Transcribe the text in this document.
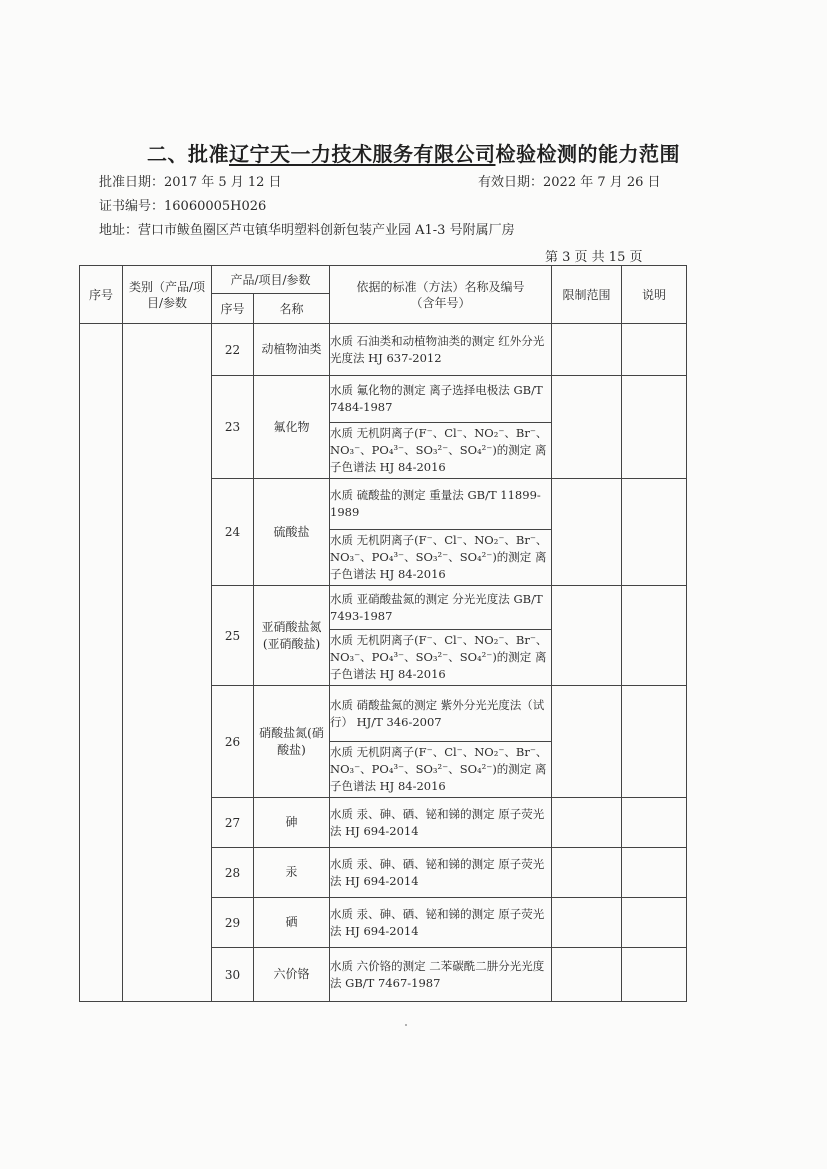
二、批准辽宁天一力技术服务有限公司检验检测的能力范围
批准日期：2017 年 5 月 12 日	有效日期：2022 年 7 月 26 日
证书编号：16060005H026
地址：营口市鲅鱼圈区芦屯镇华明塑料创新包装产业园 A1-3 号附属厂房
第 3 页 共 15 页
序号	类别（产品/项目/参数	产品/项目/参数		依据的标准（方法）名称及编号（含年号）	限制范围	说明
		序号	名称			
		22	动植物油类	水质 石油类和动植物油类的测定 红外分光光度法 HJ 637-2012		
		23	氟化物	水质 氟化物的测定 离子选择电极法 GB/T 7484-1987		
				水质 无机阴离子(F⁻、Cl⁻、NO₂⁻、Br⁻、NO₃⁻、PO₄³⁻、SO₃²⁻、SO₄²⁻)的测定 离子色谱法 HJ 84-2016		
		24	硫酸盐	水质 硫酸盐的测定 重量法 GB/T 11899-1989		
				水质 无机阴离子(F⁻、Cl⁻、NO₂⁻、Br⁻、NO₃⁻、PO₄³⁻、SO₃²⁻、SO₄²⁻)的测定 离子色谱法 HJ 84-2016		
		25	亚硝酸盐氮(亚硝酸盐)	水质 亚硝酸盐氮的测定 分光光度法 GB/T 7493-1987		
				水质 无机阴离子(F⁻、Cl⁻、NO₂⁻、Br⁻、NO₃⁻、PO₄³⁻、SO₃²⁻、SO₄²⁻)的测定 离子色谱法 HJ 84-2016		
		26	硝酸盐氮(硝酸盐)	水质 硝酸盐氮的测定 紫外分光光度法（试行） HJ/T 346-2007		
				水质 无机阴离子(F⁻、Cl⁻、NO₂⁻、Br⁻、NO₃⁻、PO₄³⁻、SO₃²⁻、SO₄²⁻)的测定 离子色谱法 HJ 84-2016		
		27	砷	水质 汞、砷、硒、铋和锑的测定 原子荧光法 HJ 694-2014		
		28	汞	水质 汞、砷、硒、铋和锑的测定 原子荧光法 HJ 694-2014		
		29	硒	水质 汞、砷、硒、铋和锑的测定 原子荧光法 HJ 694-2014		
		30	六价铬	水质 六价铬的测定 二苯碳酰二肼分光光度法 GB/T 7467-1987		
